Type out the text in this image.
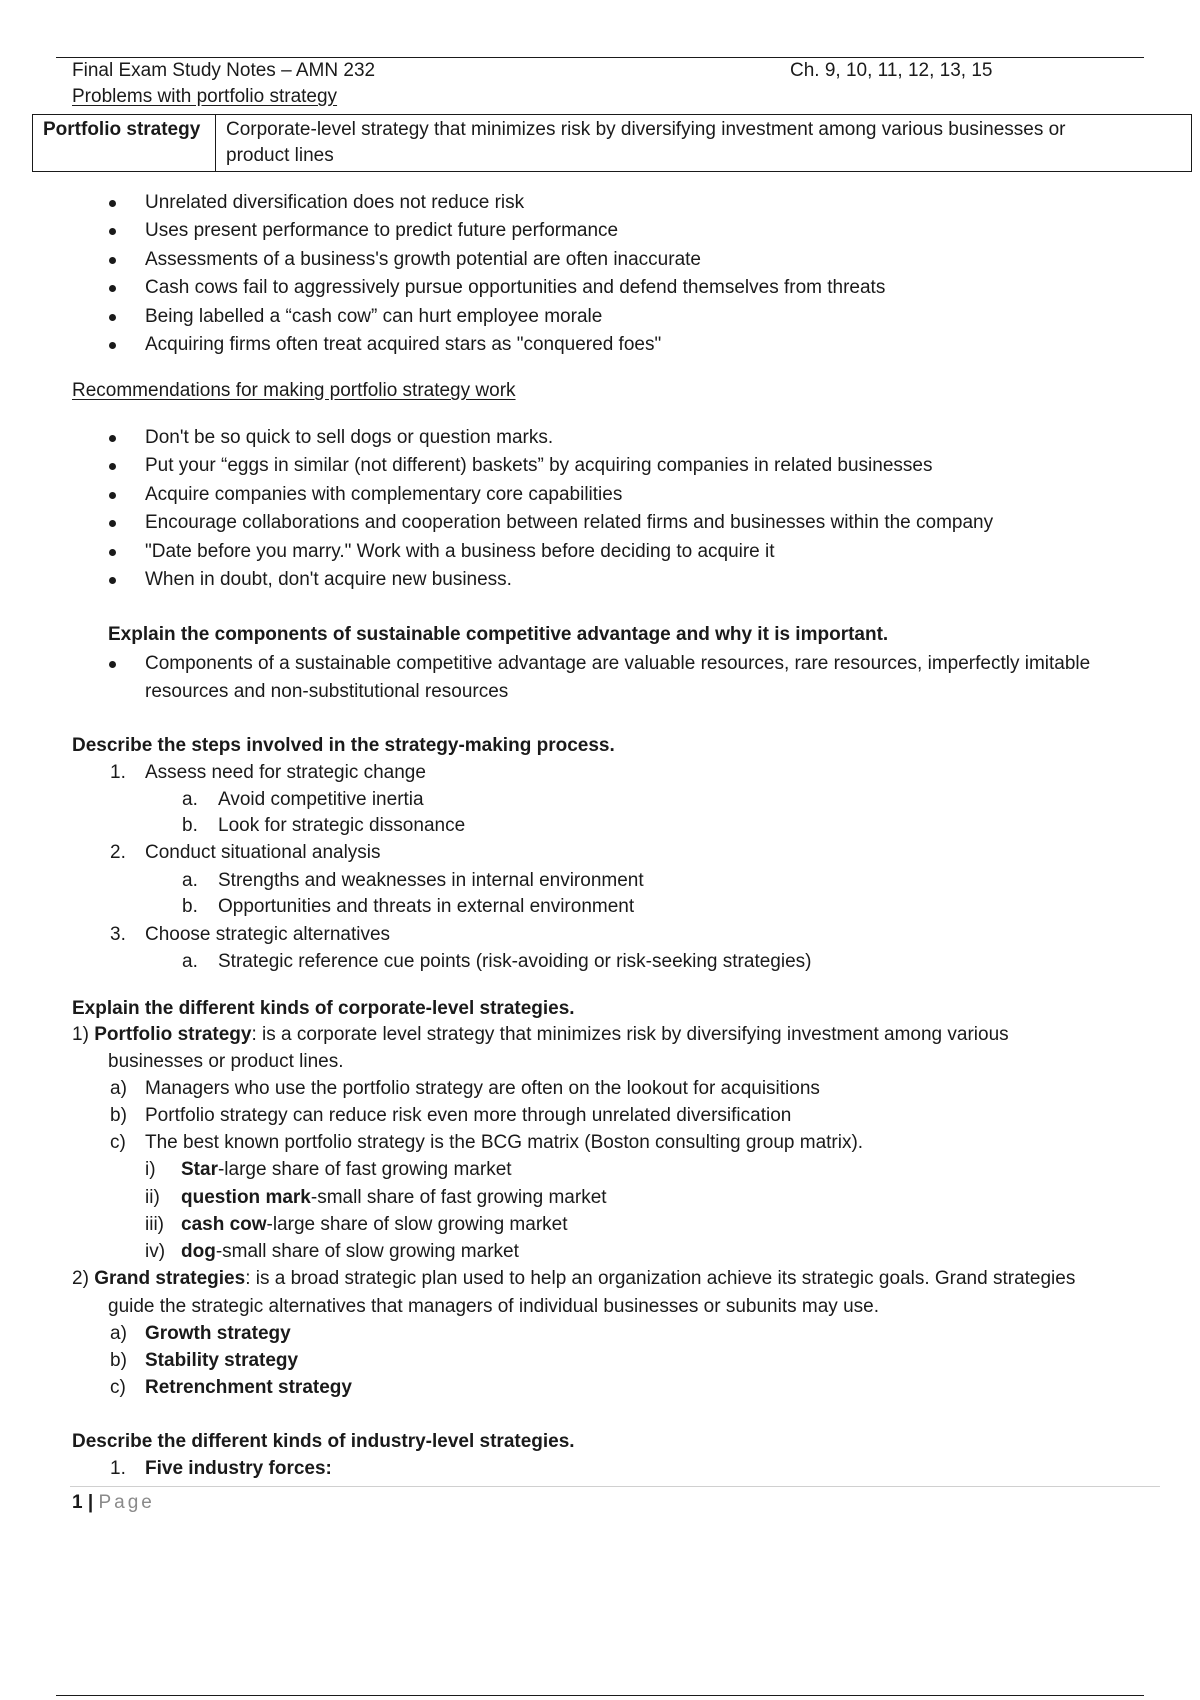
Final Exam Study Notes – AMN 232	Ch. 9, 10, 11, 12, 13, 15
Problems with portfolio strategy
Portfolio strategy	Corporate-level strategy that minimizes risk by diversifying investment among various businesses or
product lines
Unrelated diversification does not reduce risk
Uses present performance to predict future performance
Assessments of a business's growth potential are often inaccurate
Cash cows fail to aggressively pursue opportunities and defend themselves from threats
Being labelled a “cash cow” can hurt employee morale
Acquiring firms often treat acquired stars as "conquered foes"
Recommendations for making portfolio strategy work
Don't be so quick to sell dogs or question marks.
Put your “eggs in similar (not different) baskets” by acquiring companies in related businesses
Acquire companies with complementary core capabilities
Encourage collaborations and cooperation between related firms and businesses within the company
"Date before you marry." Work with a business before deciding to acquire it
When in doubt, don't acquire new business.
Explain the components of sustainable competitive advantage and why it is important.
Components of a sustainable competitive advantage are valuable resources, rare resources, imperfectly imitable
resources and non-substitutional resources
Describe the steps involved in the strategy-making process.
1. Assess need for strategic change
a. Avoid competitive inertia
b. Look for strategic dissonance
2. Conduct situational analysis
a. Strengths and weaknesses in internal environment
b. Opportunities and threats in external environment
3. Choose strategic alternatives
a. Strategic reference cue points (risk-avoiding or risk-seeking strategies)
Explain the different kinds of corporate-level strategies.
1) Portfolio strategy: is a corporate level strategy that minimizes risk by diversifying investment among various
businesses or product lines.
a) Managers who use the portfolio strategy are often on the lookout for acquisitions
b) Portfolio strategy can reduce risk even more through unrelated diversification
c) The best known portfolio strategy is the BCG matrix (Boston consulting group matrix).
i) Star-large share of fast growing market
ii) question mark-small share of fast growing market
iii) cash cow-large share of slow growing market
iv) dog-small share of slow growing market
2) Grand strategies: is a broad strategic plan used to help an organization achieve its strategic goals. Grand strategies
guide the strategic alternatives that managers of individual businesses or subunits may use.
a) Growth strategy
b) Stability strategy
c) Retrenchment strategy
Describe the different kinds of industry-level strategies.
1. Five industry forces:
1 | Page
